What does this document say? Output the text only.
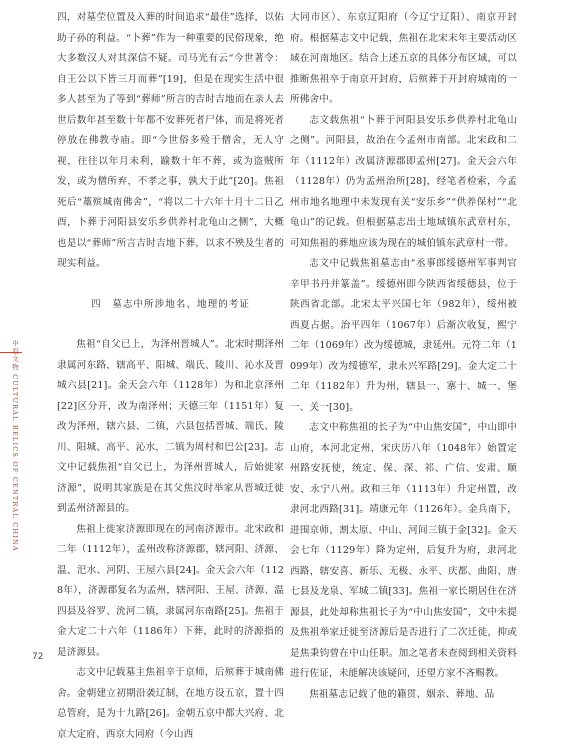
四，对墓茔位置及入葬的时间追求“最佳”选择，以佑助子孙的利益。“卜葬”作为一种重要的民俗现象，绝大多数汉人对其深信不疑。司马光有云“今世著令：自王公以下皆三月而葬”[19]，但是在现实生活中很多人甚至为了等到“葬师”所言的吉时吉地而在亲人去世后数年甚至数十年都不安葬死者尸体，而是将死者停放在佛教寺庙。即“今世俗多殓于僧舍，无人守视，往往以年月未利，踰数十年不葬，或为盗贼所发，或为僧所弃，不孝之事，孰大于此”[20]。焦祖死后“藁殡城南佛舍”，“将以二十六年十月十二日乙酉，卜葬于河阳县安乐乡供养村北龟山之侧”，大概也是以“葬师”所言吉时吉地下葬，以求不殃及生者的现实利益。

四　墓志中所涉地名、地理的考证

焦祖“自父已上，为泽州晋城人”。北宋时期泽州隶属河东路，辖高平、阳城、端氏、陵川、沁水及晋城六县[21]。金天会六年（1128年）为和北京泽州[22]区分开，改为南泽州；天德三年（1151年）复改为泽州，辖六县、二镇，六县包括晋城、端氏、陵川、阳城、高平、沁水，二镇为周村和巴公[23]。志文中记载焦祖“自父已上，为泽州晋城人，后始徙家济源”，说明其家族是在其父焦汶时举家从晋城迁徙到孟州济源县的。

焦祖上徙家济源即现在的河南济源市。北宋政和二年（1112年），孟州改称济源郡，辖河阳、济源、温、汜水、河阴、王屋六县[24]。金天会六年（1128年），济源郡复名为孟州，辖河阳、王屋、济源、温四县及谷罗、沇河二镇，隶属河东南路[25]。焦祖于金大定二十六年（1186年）下葬，此时的济源指的是济源县。

志文中记载墓主焦祖辛于京师，后殡葬于城南佛舍。金朝建立初期沿袭辽制，在地方设五京，置十四总管府，是为十九路[26]。金朝五京中都大兴府、北京大定府、西京大同府（今山西

大同市区）、东京辽阳府（今辽宁辽阳）、南京开封府。根据墓志文中记载，焦祖在北宋末年主要活动区域在河南地区。结合上述五京的具体分布区域，可以推断焦祖卒于南京开封府，后殡葬于开封府城南的一所佛舍中。

志文载焦祖“卜葬于河阳县安乐乡供养村北龟山之侧”。河阳县，故治在今孟州市南部。北宋政和二年（1112年）改属济源郡即孟州[27]。金天会六年（1128年）仍为孟州治所[28]，经笔者检索，今孟州市地名地理中未发现有关“安乐乡”“供养保村”“北龟山”的记载。但根据墓志出土地域镇东武章村东，可知焦祖的葬地应该为现在的城伯镇东武章村一带。

志文中记载焦祖墓志由“丞事郎绥德州军事判官辛甲书丹并篆盖”。绥德州即今陕西省绥德县，位于陕西省北部。北宋太平兴国七年（982年），绥州被西夏占据。治平四年（1067年）后渐次收复，熙宁二年（1069年）改为绥德城，隶延州。元符二年（1099年）改为绥德军，隶永兴军路[29]。金大定二十二年（1182年）升为州，辖县一、寨十、城一、堡一、关一[30]。

志文中称焦祖的长子为“中山焦安国”，中山即中山府，本河北定州，宋庆历八年（1048年）始置定州路安抚使，统定、保、深、祁、广信、安肃、顺安、永宁八州。政和三年（1113年）升定州置，改隶河北西路[31]。靖康元年（1126年）。金兵南下，进围京师，割太原、中山、河间三镇于金[32]。金天会七年（1129年）降为定州，后复升为府，隶河北西路，辖安喜、新乐、无极、永平、庆都、曲阳、唐七县及龙泉、军城二镇[33]。焦祖一家长期居住在济源县，此处却称焦祖长子为“中山焦安国”，文中未提及焦祖举家迁徙至济源后是否进行了二次迁徙，抑或是焦秉钧曾在中山任职。加之笔者未查阅到相关资料进行佐证，未能解决该疑问，还望方家不吝赐教。

焦祖墓志记载了他的籍贯、姻亲、葬地、品

中原文物 CULTURAL RELICS OF CENTRAL CHINA
72
